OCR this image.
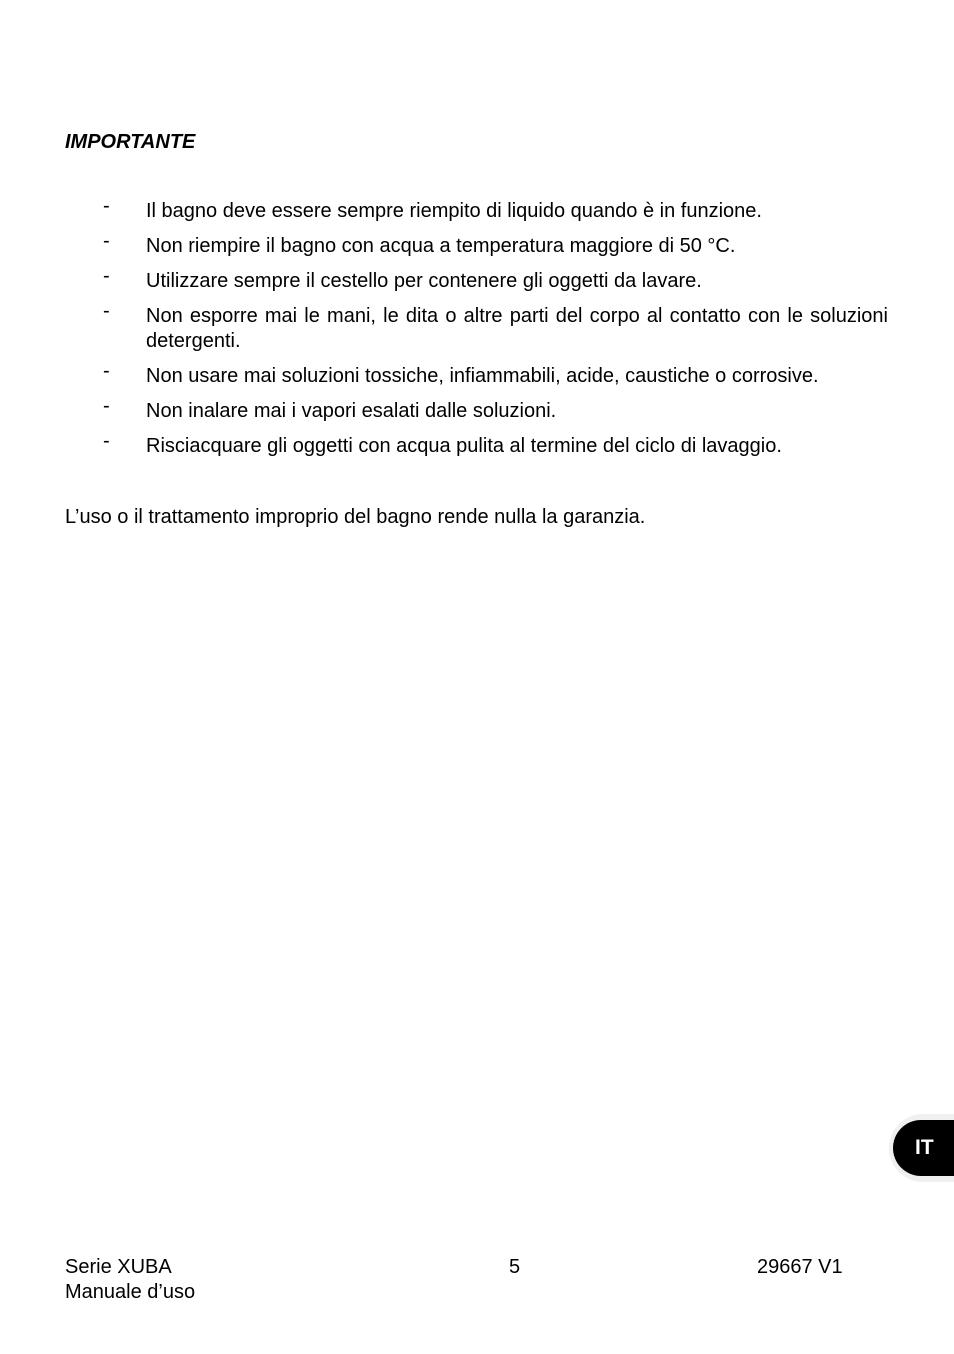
IMPORTANTE
- Il bagno deve essere sempre riempito di liquido quando è in funzione.
- Non riempire il bagno con acqua a temperatura maggiore di 50 °C.
- Utilizzare sempre il cestello per contenere gli oggetti da lavare.
- Non esporre mai le mani, le dita o altre parti del corpo al contatto con le soluzioni detergenti.
- Non usare mai soluzioni tossiche, infiammabili, acide, caustiche o corrosive.
- Non inalare mai i vapori esalati dalle soluzioni.
- Risciacquare gli oggetti con acqua pulita al termine del ciclo di lavaggio.
L’uso o il trattamento improprio del bagno rende nulla la garanzia.
IT
Serie XUBA
Manuale d’uso
5	29667 V1
